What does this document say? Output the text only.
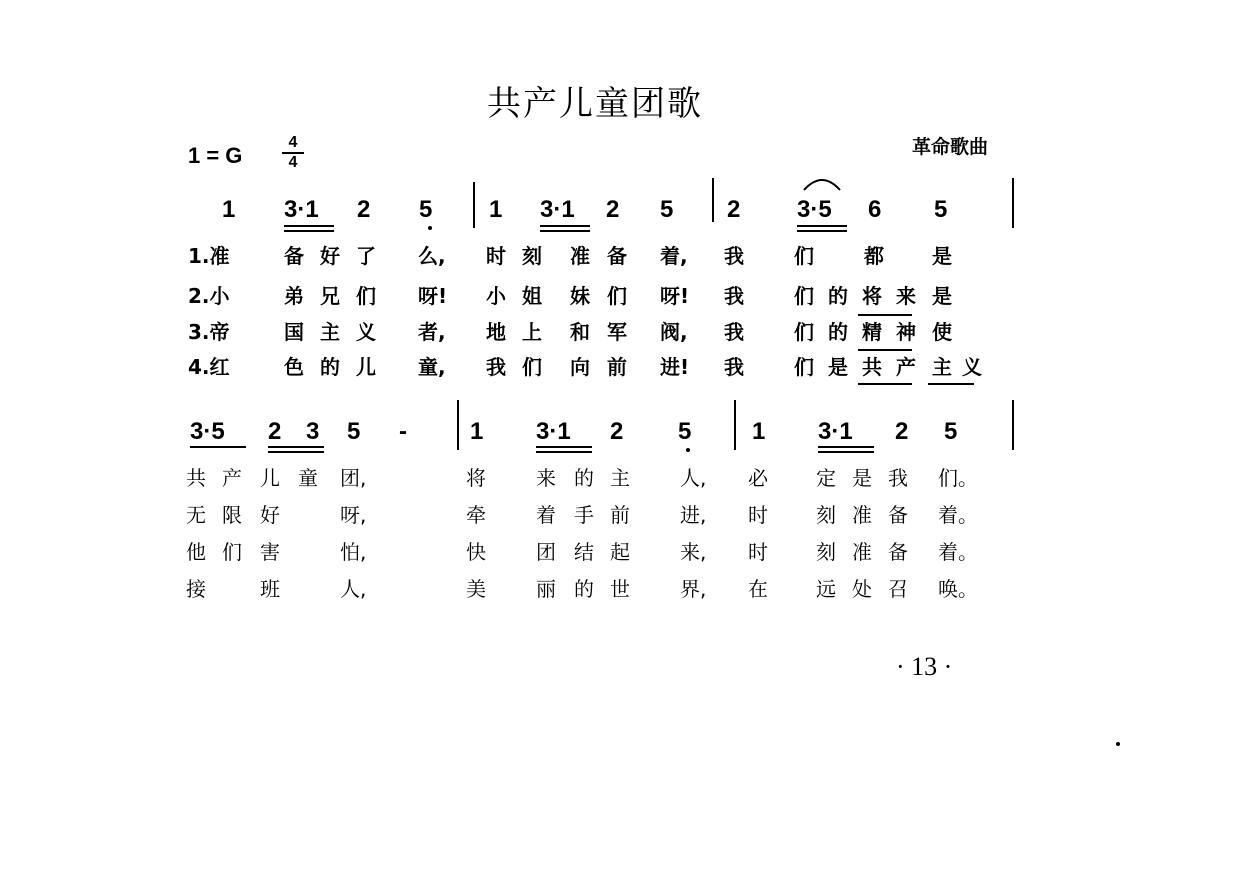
共产儿童团歌
革命歌曲
1 = G
4
4
1 3·1 2 5 1 3·1 2 5 2 3·5 6 5
3·5 2 3 5 -	1 3·1 2 5	1 3·1 2 5
1.准	备 好 了 么, 时 刻 准 备 着, 我	们	都 是
2.小	弟 兄 们 呀! 小 姐 妹 们 呀! 我	们 的 将 来 是
3.帝	国 主 义 者, 地 上 和 军 阀, 我	们 的 精 神 使
4.红	色 的 儿 童, 我 们 向 前 进! 我	们 是 共 产 主 义
共 产 儿 童 团,	将	来 的 主	人, 必 定 是 我 们。
无 限 好	呀,	牵	着 手 前	进, 时 刻 准 备 着。
他 们 害	怕,	快	团 结 起	来, 时 刻 准 备 着。
接	班	人,	美	丽 的 世	界, 在 远 处 召 唤。
· 13 ·
